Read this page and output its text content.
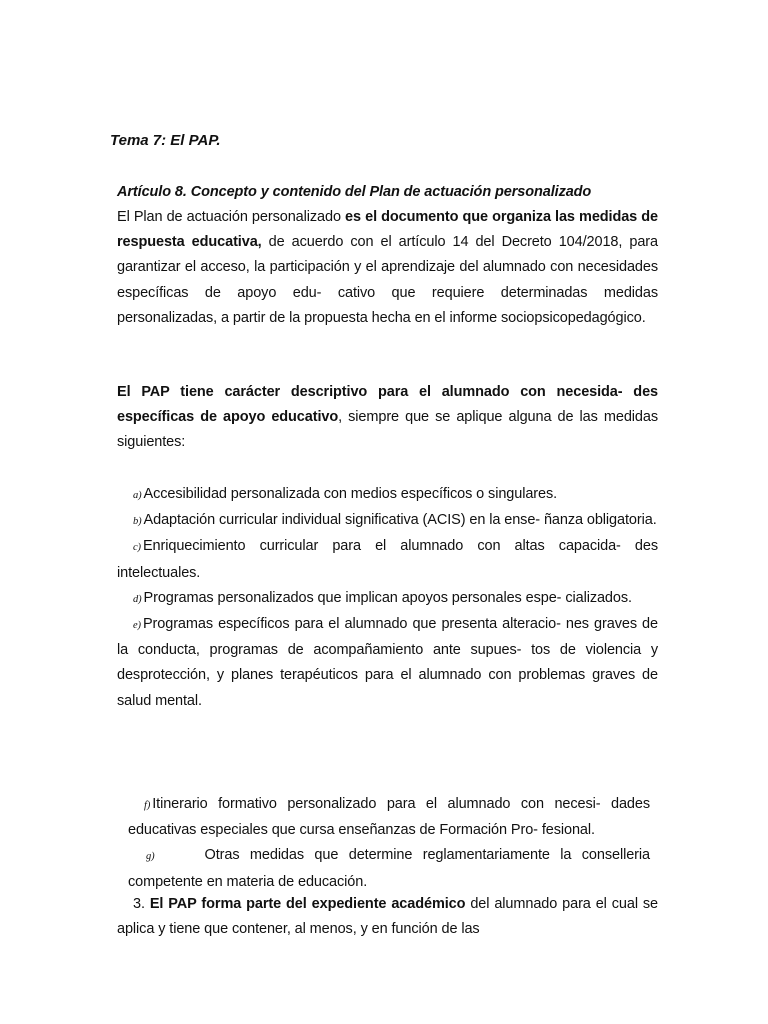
Tema 7: El PAP.
Artículo 8. Concepto y contenido del Plan de actuación personalizado
El Plan de actuación personalizado es el documento que organiza las medidas de respuesta educativa, de acuerdo con el artículo 14 del Decreto 104/2018, para garantizar el acceso, la participación y el aprendizaje del alumnado con necesidades específicas de apoyo edu- cativo que requiere determinadas medidas personalizadas, a partir de la propuesta hecha en el informe sociopsicopedagógico.
El PAP tiene carácter descriptivo para el alumnado con necesida- des específicas de apoyo educativo, siempre que se aplique alguna de las medidas siguientes:
a) Accesibilidad personalizada con medios específicos o singulares.
b) Adaptación curricular individual significativa (ACIS) en la ense- ñanza obligatoria.
c) Enriquecimiento curricular para el alumnado con altas capacida- des intelectuales.
d) Programas personalizados que implican apoyos personales espe- cializados.
e) Programas específicos para el alumnado que presenta alteracio- nes graves de la conducta, programas de acompañamiento ante supues- tos de violencia y desprotección, y planes terapéuticos para el alumnado con problemas graves de salud mental.
f) Itinerario formativo personalizado para el alumnado con necesi- dades educativas especiales que cursa enseñanzas de Formación Pro- fesional.
g)	Otras medidas que determine reglamentariamente la conselleria competente en materia de educación.
3. El PAP forma parte del expediente académico del alumnado para el cual se aplica y tiene que contener, al menos, y en función de las
